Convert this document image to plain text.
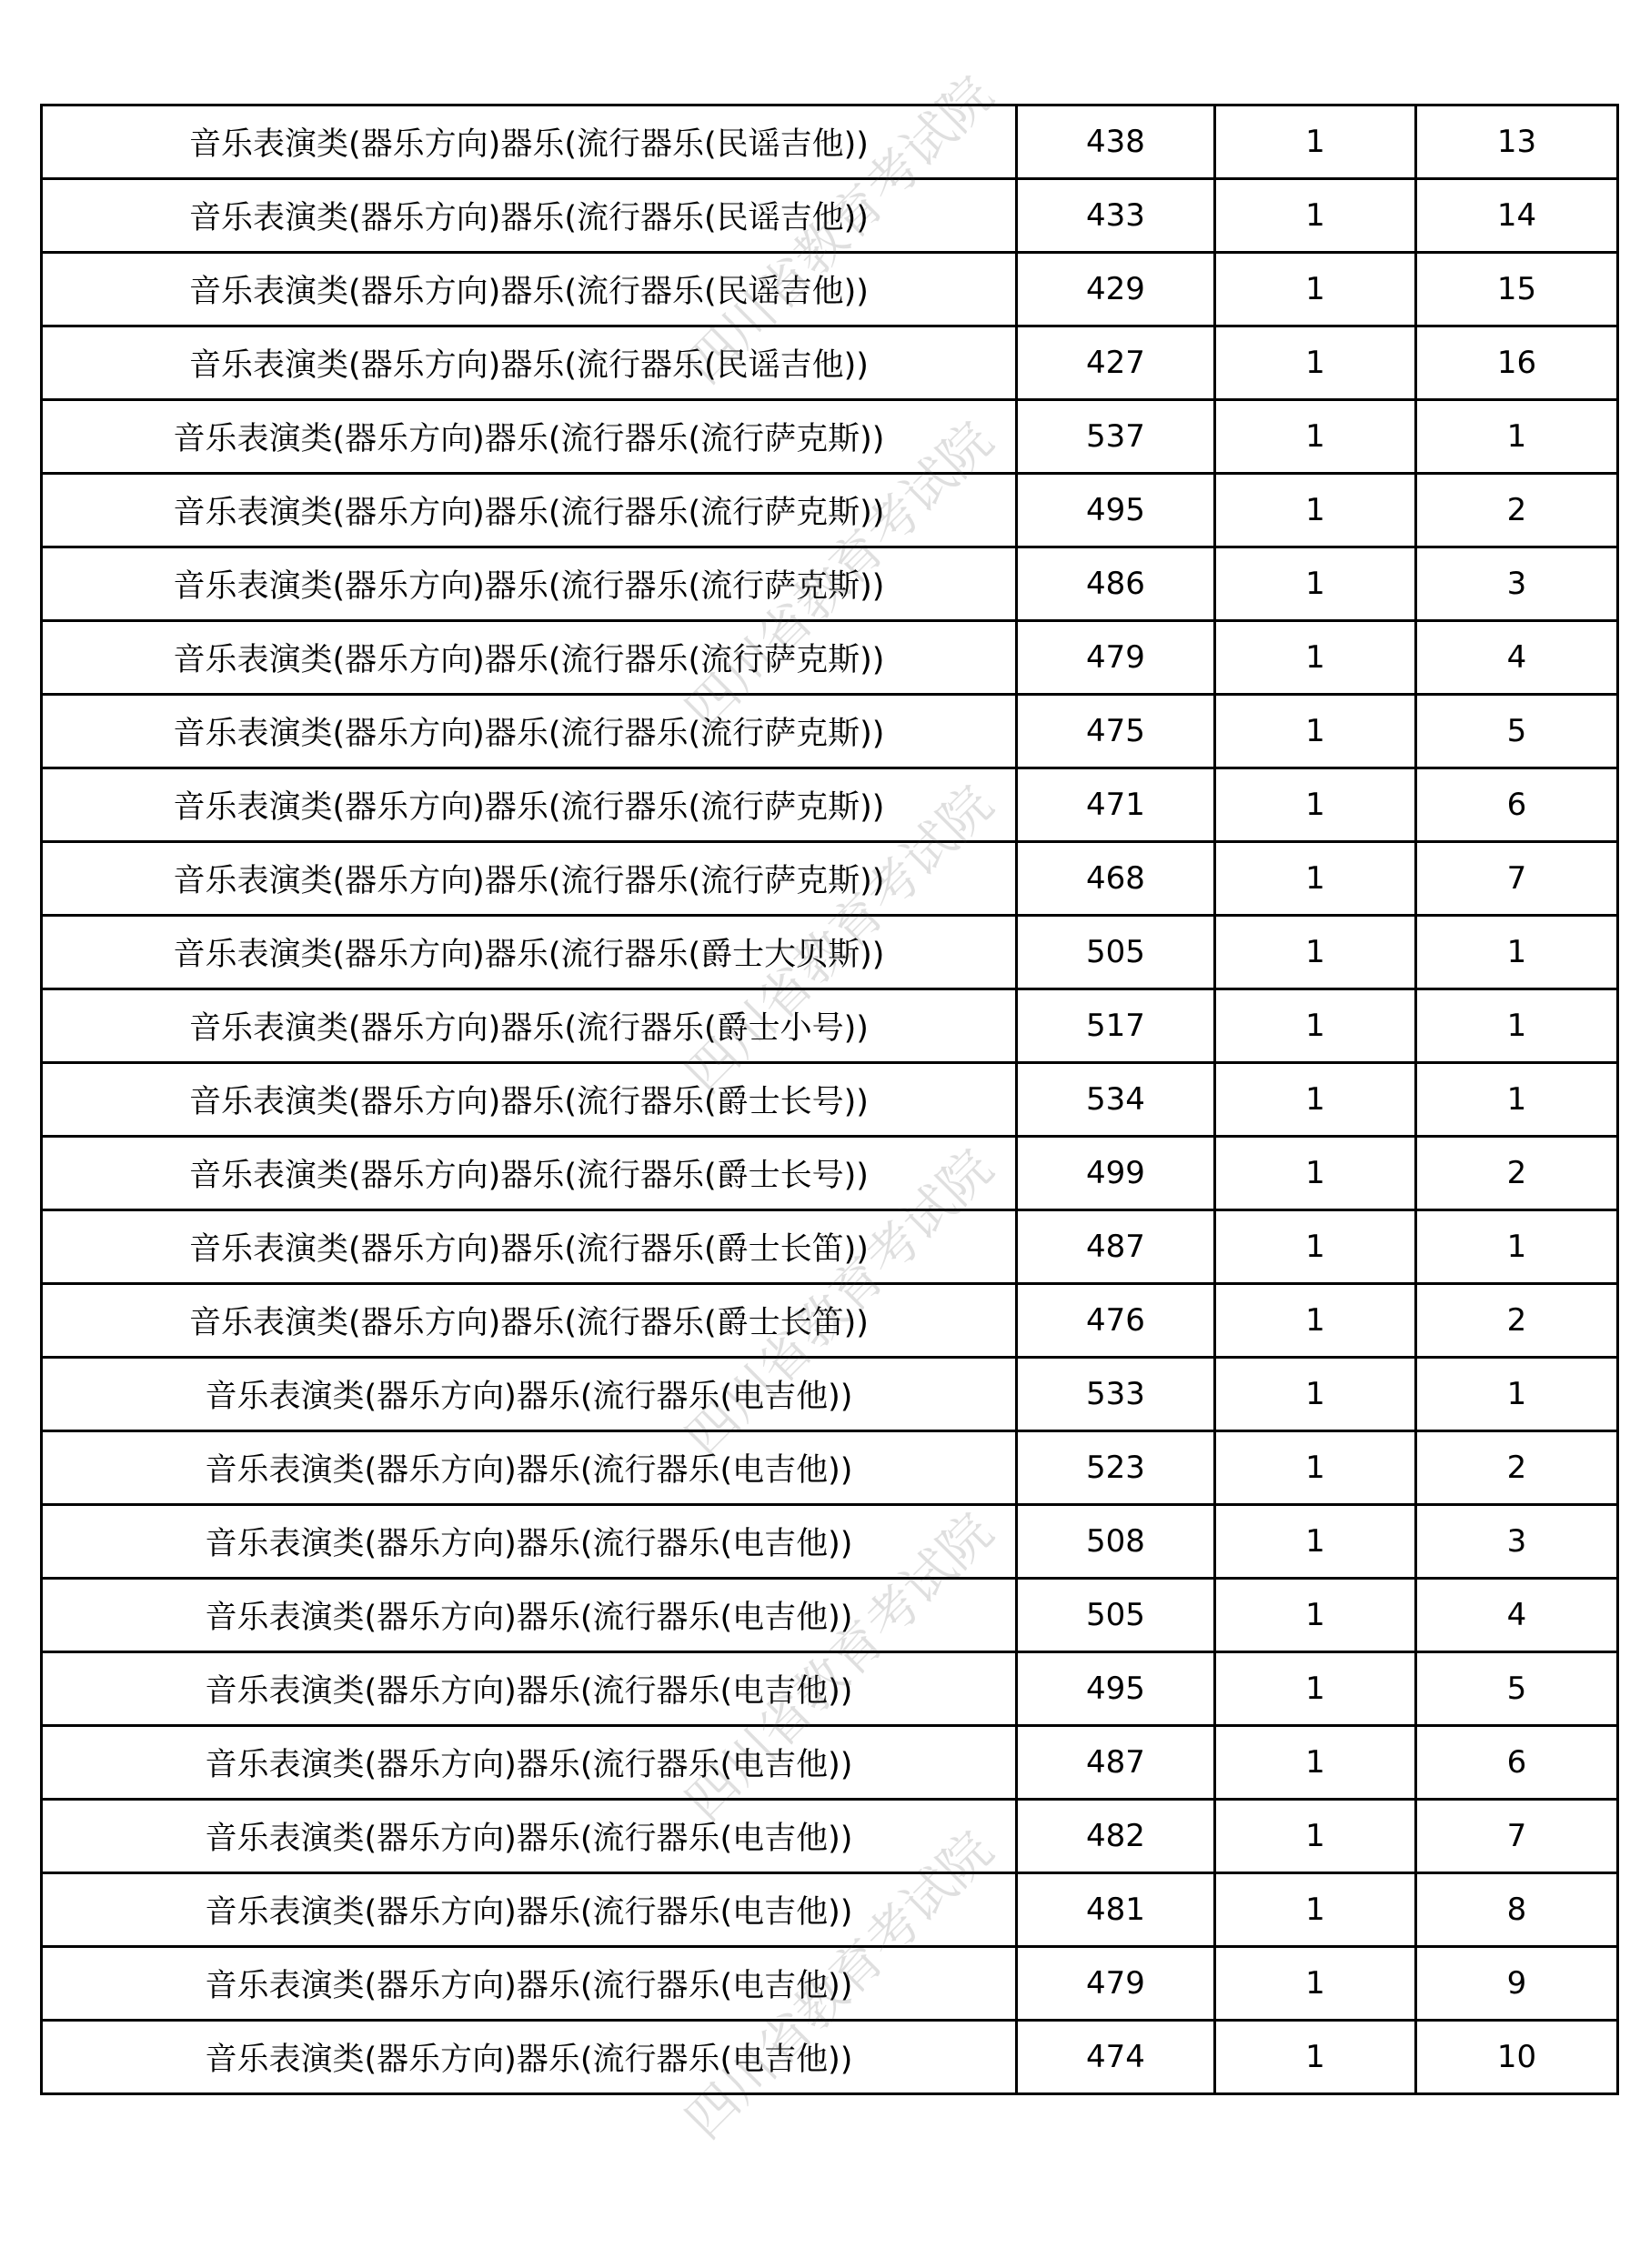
音乐表演类(器乐方向)器乐(流行器乐(民谣吉他))	438	1	13
音乐表演类(器乐方向)器乐(流行器乐(民谣吉他))	433	1	14
音乐表演类(器乐方向)器乐(流行器乐(民谣吉他))	429	1	15
音乐表演类(器乐方向)器乐(流行器乐(民谣吉他))	427	1	16
音乐表演类(器乐方向)器乐(流行器乐(流行萨克斯))	537	1	1
音乐表演类(器乐方向)器乐(流行器乐(流行萨克斯))	495	1	2
音乐表演类(器乐方向)器乐(流行器乐(流行萨克斯))	486	1	3
音乐表演类(器乐方向)器乐(流行器乐(流行萨克斯))	479	1	4
音乐表演类(器乐方向)器乐(流行器乐(流行萨克斯))	475	1	5
音乐表演类(器乐方向)器乐(流行器乐(流行萨克斯))	471	1	6
音乐表演类(器乐方向)器乐(流行器乐(流行萨克斯))	468	1	7
音乐表演类(器乐方向)器乐(流行器乐(爵士大贝斯))	505	1	1
音乐表演类(器乐方向)器乐(流行器乐(爵士小号))	517	1	1
音乐表演类(器乐方向)器乐(流行器乐(爵士长号))	534	1	1
音乐表演类(器乐方向)器乐(流行器乐(爵士长号))	499	1	2
音乐表演类(器乐方向)器乐(流行器乐(爵士长笛))	487	1	1
音乐表演类(器乐方向)器乐(流行器乐(爵士长笛))	476	1	2
音乐表演类(器乐方向)器乐(流行器乐(电吉他))	533	1	1
音乐表演类(器乐方向)器乐(流行器乐(电吉他))	523	1	2
音乐表演类(器乐方向)器乐(流行器乐(电吉他))	508	1	3
音乐表演类(器乐方向)器乐(流行器乐(电吉他))	505	1	4
音乐表演类(器乐方向)器乐(流行器乐(电吉他))	495	1	5
音乐表演类(器乐方向)器乐(流行器乐(电吉他))	487	1	6
音乐表演类(器乐方向)器乐(流行器乐(电吉他))	482	1	7
音乐表演类(器乐方向)器乐(流行器乐(电吉他))	481	1	8
音乐表演类(器乐方向)器乐(流行器乐(电吉他))	479	1	9
音乐表演类(器乐方向)器乐(流行器乐(电吉他))	474	1	10
四川省教育考试院
四川省教育考试院
四川省教育考试院
四川省教育考试院
四川省教育考试院
四川省教育考试院
